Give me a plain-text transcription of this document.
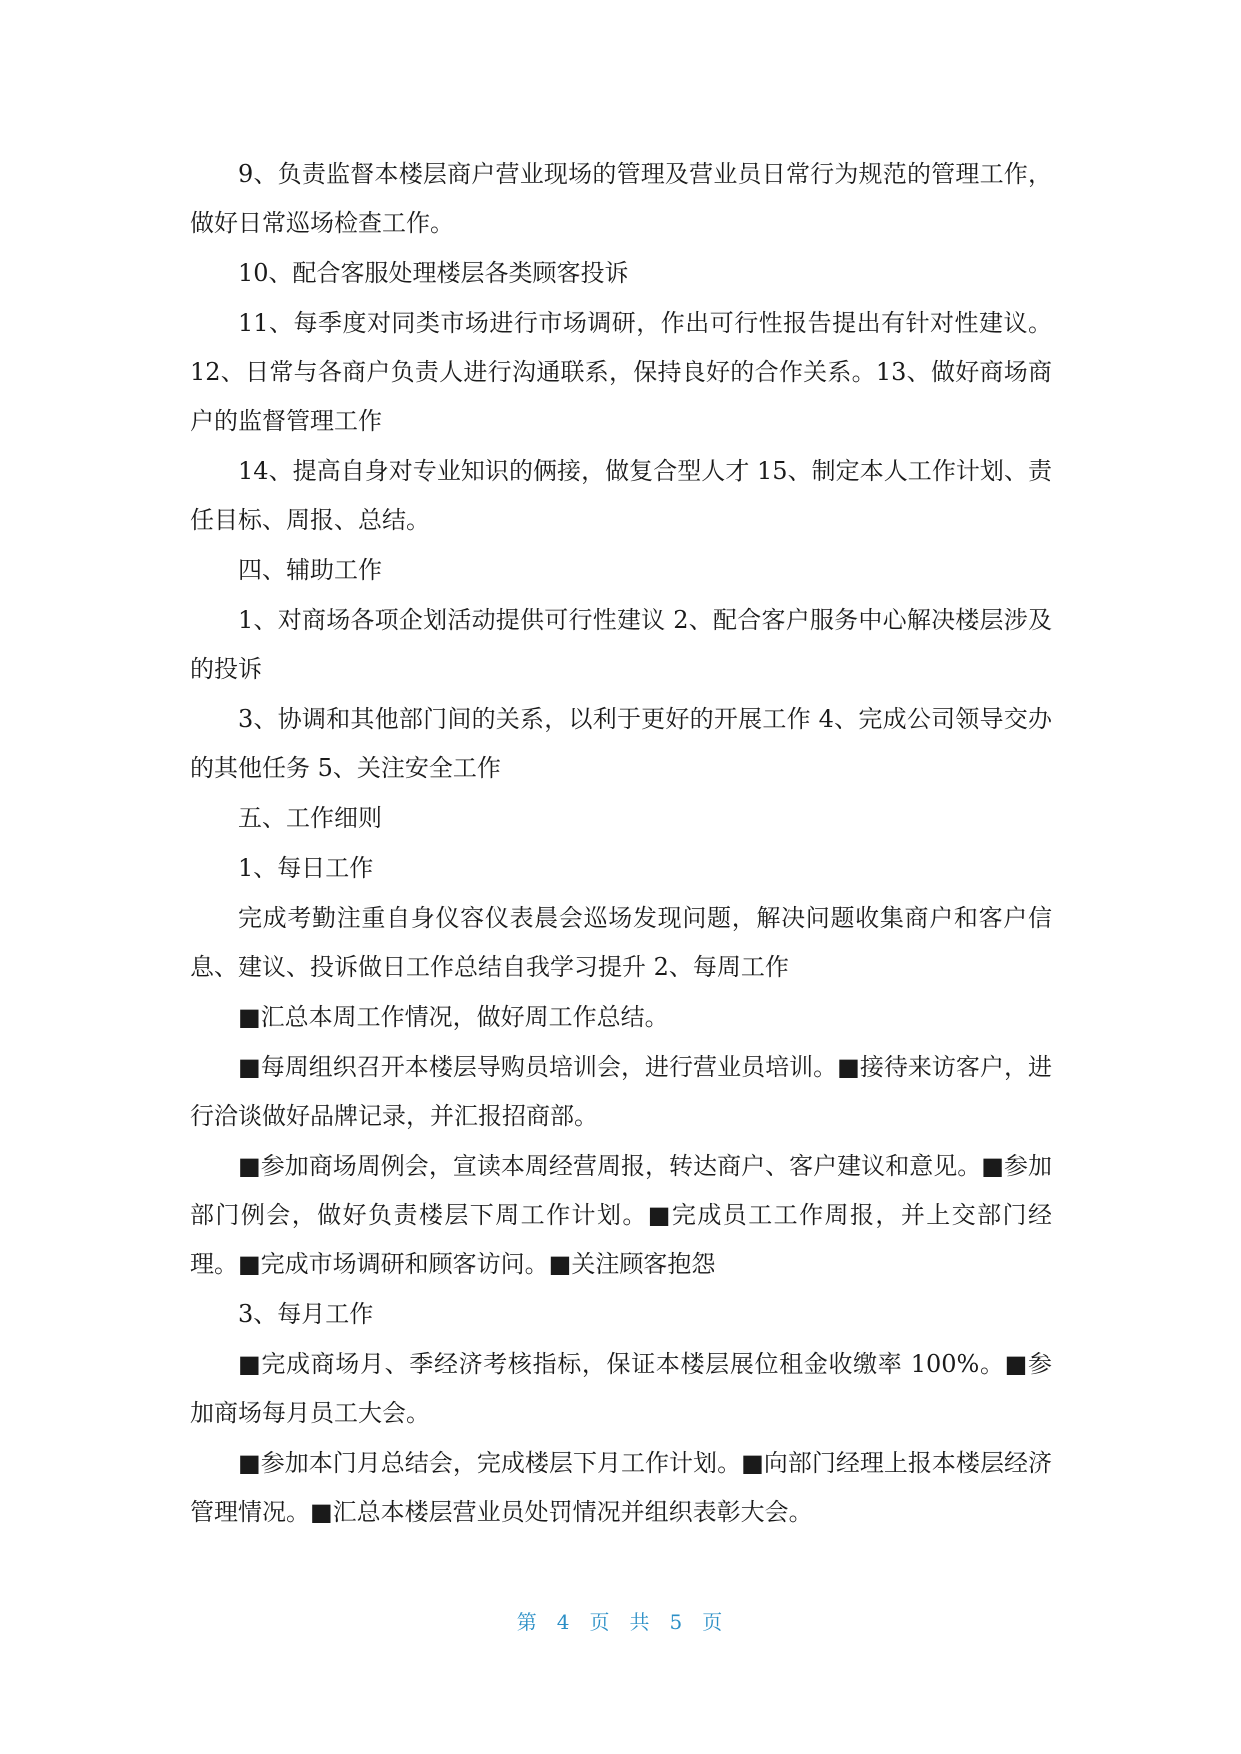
9、负责监督本楼层商户营业现场的管理及营业员日常行为规范的管理工作，做好日常巡场检查工作。

10、配合客服处理楼层各类顾客投诉

11、每季度对同类市场进行市场调研，作出可行性报告提出有针对性建议。12、日常与各商户负责人进行沟通联系，保持良好的合作关系。13、做好商场商户的监督管理工作

14、提高自身对专业知识的俩接，做复合型人才 15、制定本人工作计划、责任目标、周报、总结。

四、辅助工作

1、对商场各项企划活动提供可行性建议 2、配合客户服务中心解决楼层涉及的投诉

3、协调和其他部门间的关系，以利于更好的开展工作 4、完成公司领导交办的其他任务 5、关注安全工作

五、工作细则

1、每日工作

完成考勤注重自身仪容仪表晨会巡场发现问题，解决问题收集商户和客户信息、建议、投诉做日工作总结自我学习提升 2、每周工作

■汇总本周工作情况，做好周工作总结。

■每周组织召开本楼层导购员培训会，进行营业员培训。■接待来访客户，进行洽谈做好品牌记录，并汇报招商部。

■参加商场周例会，宣读本周经营周报，转达商户、客户建议和意见。■参加部门例会，做好负责楼层下周工作计划。■完成员工工作周报，并上交部门经理。■完成市场调研和顾客访问。■关注顾客抱怨

3、每月工作

■完成商场月、季经济考核指标，保证本楼层展位租金收缴率 100%。■参加商场每月员工大会。

■参加本门月总结会，完成楼层下月工作计划。■向部门经理上报本楼层经济管理情况。■汇总本楼层营业员处罚情况并组织表彰大会。

第 4 页 共 5 页
